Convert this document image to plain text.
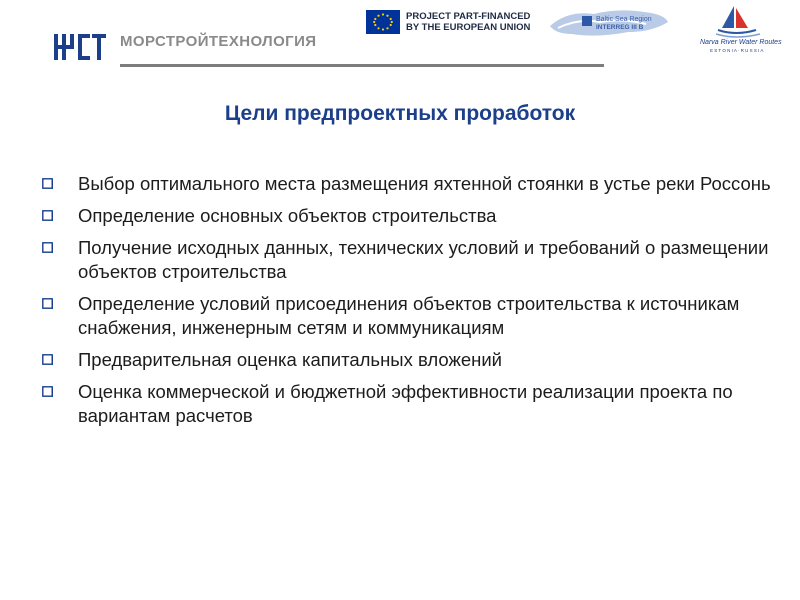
МОРСТРОЙТЕХНОЛОГИЯ
PROJECT PART-FINANCED
BY THE EUROPEAN UNION
Baltic Sea Region
INTERREG III B
Narva River Water Routes
E S T O N I A · R U S S I A
Цели предпроектных проработок
Выбор оптимального места размещения яхтенной стоянки в устье реки Россонь
Определение основных объектов строительства
Получение исходных данных, технических условий и требований о размещении объектов строительства
Определение условий присоединения объектов строительства к источникам снабжения, инженерным сетям и коммуникациям
Предварительная оценка капитальных вложений
Оценка коммерческой и бюджетной эффективности реализации проекта по вариантам расчетов
